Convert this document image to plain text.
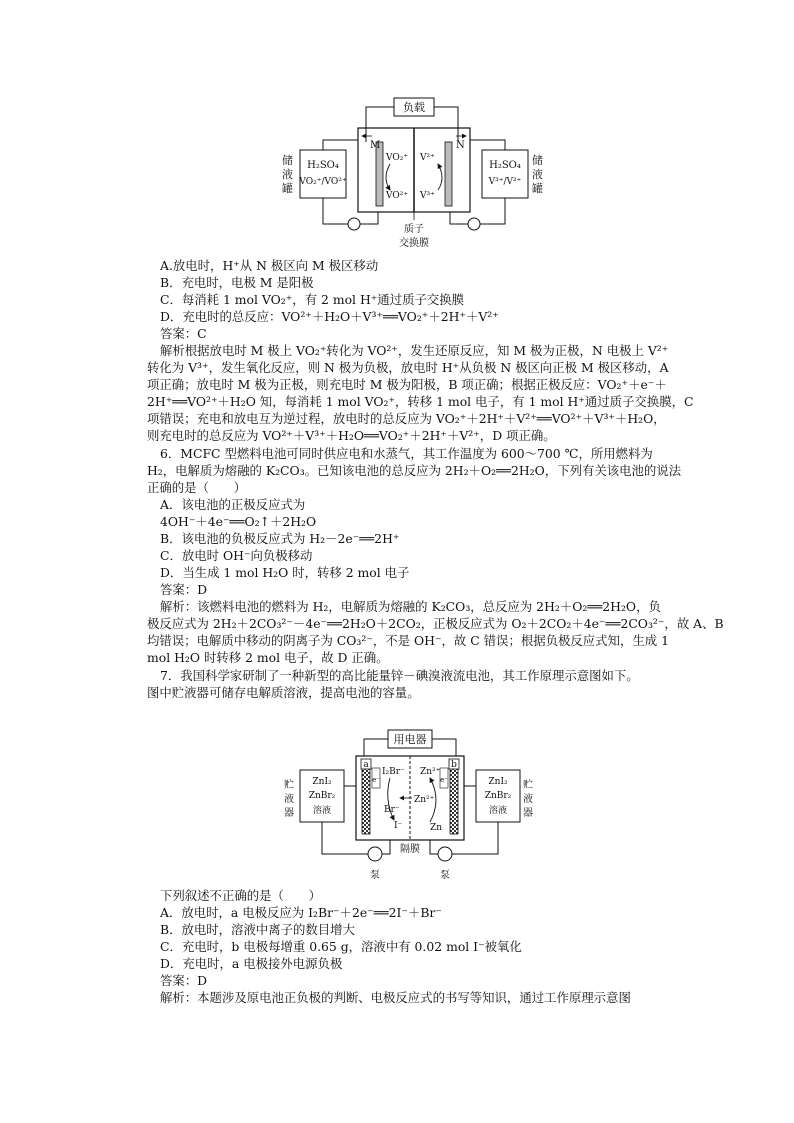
负载
M	N
VO₂⁺
VO²⁺
V²⁺
V³⁺
储
液
罐
H₂SO₄
VO₂⁺/VO²⁺
H₂SO₄
V³⁺/V²⁺
储
液
罐
质子
交换膜
A.放电时，H⁺从 N 极区向 M 极区移动
B．充电时，电极 M 是阳极
C．每消耗 1 mol VO₂⁺，有 2 mol H⁺通过质子交换膜
D．充电时的总反应：VO²⁺＋H₂O＋V³⁺══VO₂⁺＋2H⁺＋V²⁺
答案：C
解析根据放电时 M 极上 VO₂⁺转化为 VO²⁺，发生还原反应，知 M 极为正极，N 电极上 V²⁺
转化为 V³⁺，发生氧化反应，则 N 极为负极，放电时 H⁺从负极 N 极区向正极 M 极区移动，A
项正确；放电时 M 极为正极，则充电时 M 极为阳极，B 项正确；根据正极反应：VO₂⁺＋e⁻＋
2H⁺══VO²⁺＋H₂O 知，每消耗 1 mol VO₂⁺，转移 1 mol 电子，有 1 mol H⁺通过质子交换膜，C
项错误；充电和放电互为逆过程，放电时的总反应为 VO₂⁺＋2H⁺＋V²⁺══VO²⁺＋V³⁺＋H₂O，
则充电时的总反应为 VO²⁺＋V³⁺＋H₂O══VO₂⁺＋2H⁺＋V²⁺，D 项正确。
6．MCFC 型燃料电池可同时供应电和水蒸气，其工作温度为 600～700 ℃，所用燃料为
H₂，电解质为熔融的 K₂CO₃。已知该电池的总反应为 2H₂＋O₂══2H₂O，下列有关该电池的说法
正确的是（　　）
A．该电池的正极反应式为
4OH⁻＋4e⁻══O₂↑＋2H₂O
B．该电池的负极反应式为 H₂－2e⁻══2H⁺
C．放电时 OH⁻向负极移动
D．当生成 1 mol H₂O 时，转移 2 mol 电子
答案：D
解析：该燃料电池的燃料为 H₂，电解质为熔融的 K₂CO₃，总反应为 2H₂＋O₂══2H₂O，负
极反应式为 2H₂＋2CO₃²⁻－4e⁻══2H₂O＋2CO₂，正极反应式为 O₂＋2CO₂＋4e⁻══2CO₃²⁻，故 A、B
均错误；电解质中移动的阴离子为 CO₃²⁻，不是 OH⁻，故 C 错误；根据负极反应式知，生成 1
mol H₂O 时转移 2 mol 电子，故 D 正确。
7．我国科学家研制了一种新型的高比能量锌－碘溴液流电池，其工作原理示意图如下。
图中贮液器可储存电解质溶液，提高电池的容量。
用电器
a	b
e⁻	e⁻
I₂Br⁻
Br⁻
I⁻
Zn²⁺
Zn²⁺
Zn
贮
液
器
ZnI₂
ZnBr₂
溶液
泵
ZnI₂
ZnBr₂
溶液
贮
液
器
泵
隔膜
下列叙述不正确的是（　　）
A．放电时，a 电极反应为 I₂Br⁻＋2e⁻══2I⁻＋Br⁻
B．放电时，溶液中离子的数目增大
C．充电时，b 电极每增重 0.65 g，溶液中有 0.02 mol I⁻被氧化
D．充电时，a 电极接外电源负极
答案：D
解析：本题涉及原电池正负极的判断、电极反应式的书写等知识，通过工作原理示意图
